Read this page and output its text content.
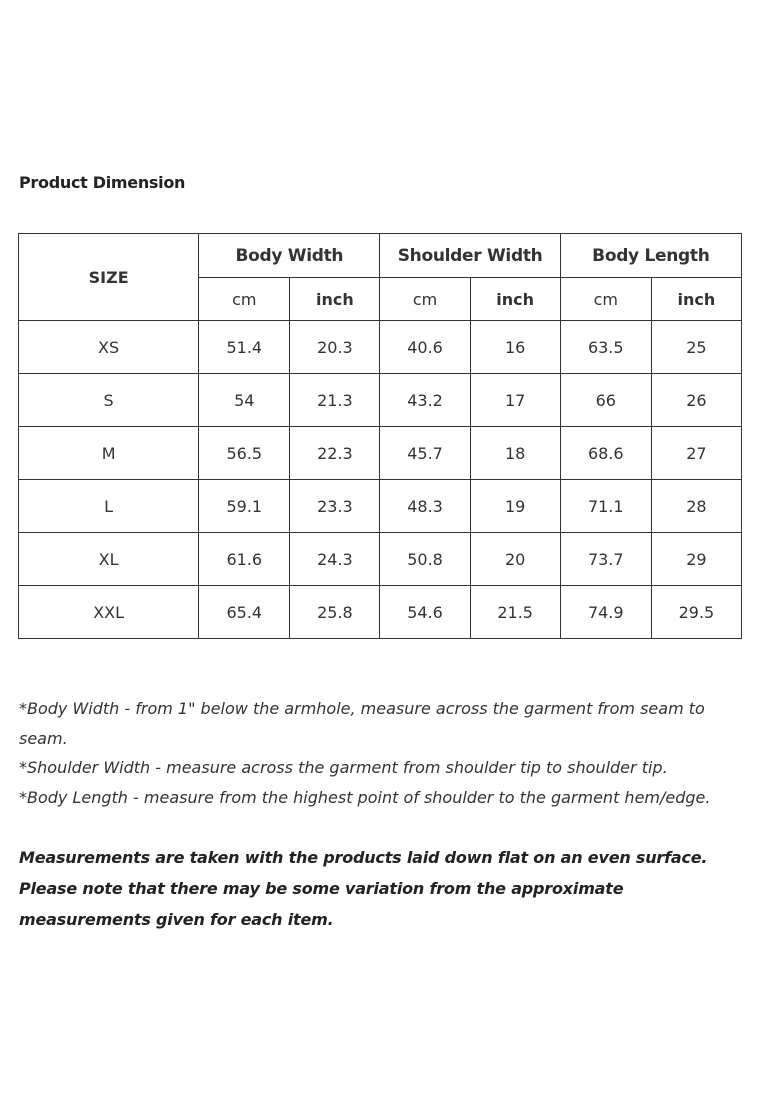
Product Dimension
SIZE	Body Width		Shoulder Width		Body Length	
	cm	inch	cm	inch	cm	inch
XS	51.4	20.3	40.6	16	63.5	25
S	54	21.3	43.2	17	66	26
M	56.5	22.3	45.7	18	68.6	27
L	59.1	23.3	48.3	19	71.1	28
XL	61.6	24.3	50.8	20	73.7	29
XXL	65.4	25.8	54.6	21.5	74.9	29.5

*Body Width - from 1" below the armhole, measure across the garment from seam to seam.

*Shoulder Width - measure across the garment from shoulder tip to shoulder tip.

*Body Length - measure from the highest point of shoulder to the garment hem/edge.

Measurements are taken with the products laid down flat on an even surface. Please note that there may be some variation from the approximate measurements given for each item.
